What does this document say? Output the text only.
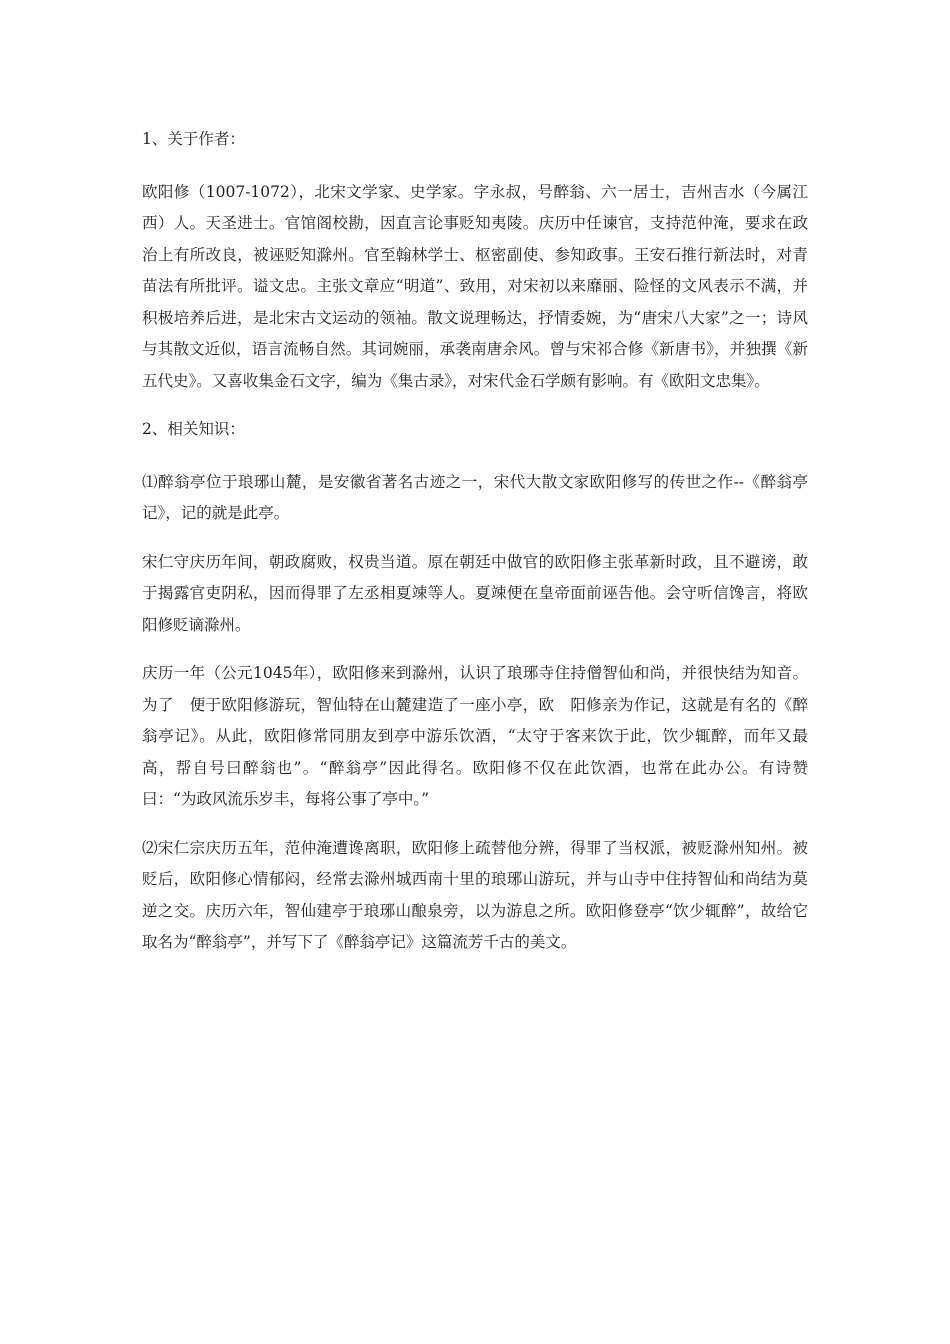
1、关于作者：

欧阳修（1007-1072），北宋文学家、史学家。字永叔，号醉翁、六一居士，吉州吉水（今属江西）人。天圣进士。官馆阁校勘，因直言论事贬知夷陵。庆历中任谏官，支持范仲淹，要求在政治上有所改良，被诬贬知滁州。官至翰林学士、枢密副使、参知政事。王安石推行新法时，对青苗法有所批评。谥文忠。主张文章应“明道”、致用，对宋初以来靡丽、险怪的文风表示不满，并积极培养后进，是北宋古文运动的领袖。散文说理畅达，抒情委婉，为“唐宋八大家”之一；诗风与其散文近似，语言流畅自然。其词婉丽，承袭南唐余风。曾与宋祁合修《新唐书》，并独撰《新五代史》。又喜收集金石文字，编为《集古录》，对宋代金石学颇有影响。有《欧阳文忠集》。

2、相关知识：

⑴醉翁亭位于琅琊山麓，是安徽省著名古迹之一，宋代大散文家欧阳修写的传世之作--《醉翁亭记》，记的就是此亭。

宋仁守庆历年间，朝政腐败，权贵当道。原在朝廷中做官的欧阳修主张革新时政，且不避谤，敢于揭露官吏阴私，因而得罪了左丞相夏竦等人。夏竦便在皇帝面前诬告他。会守听信馋言，将欧阳修贬谪滁州。

庆历一年（公元1045年），欧阳修来到滁州，认识了琅琊寺住持僧智仙和尚，并很快结为知音。为了　便于欧阳修游玩，智仙特在山麓建造了一座小亭，欧　阳修亲为作记，这就是有名的《醉翁亭记》。从此，欧阳修常同朋友到亭中游乐饮酒，“太守于客来饮于此，饮少辄醉，而年又最高，帮自号曰醉翁也”。“醉翁亭”因此得名。欧阳修不仅在此饮酒，也常在此办公。有诗赞曰：“为政风流乐岁丰，每将公事了亭中。”

⑵宋仁宗庆历五年，范仲淹遭谗离职，欧阳修上疏替他分辨，得罪了当权派，被贬滁州知州。被贬后，欧阳修心情郁闷，经常去滁州城西南十里的琅琊山游玩，并与山寺中住持智仙和尚结为莫逆之交。庆历六年，智仙建亭于琅琊山酿泉旁，以为游息之所。欧阳修登亭“饮少辄醉”，故给它取名为“醉翁亭”，并写下了《醉翁亭记》这篇流芳千古的美文。
